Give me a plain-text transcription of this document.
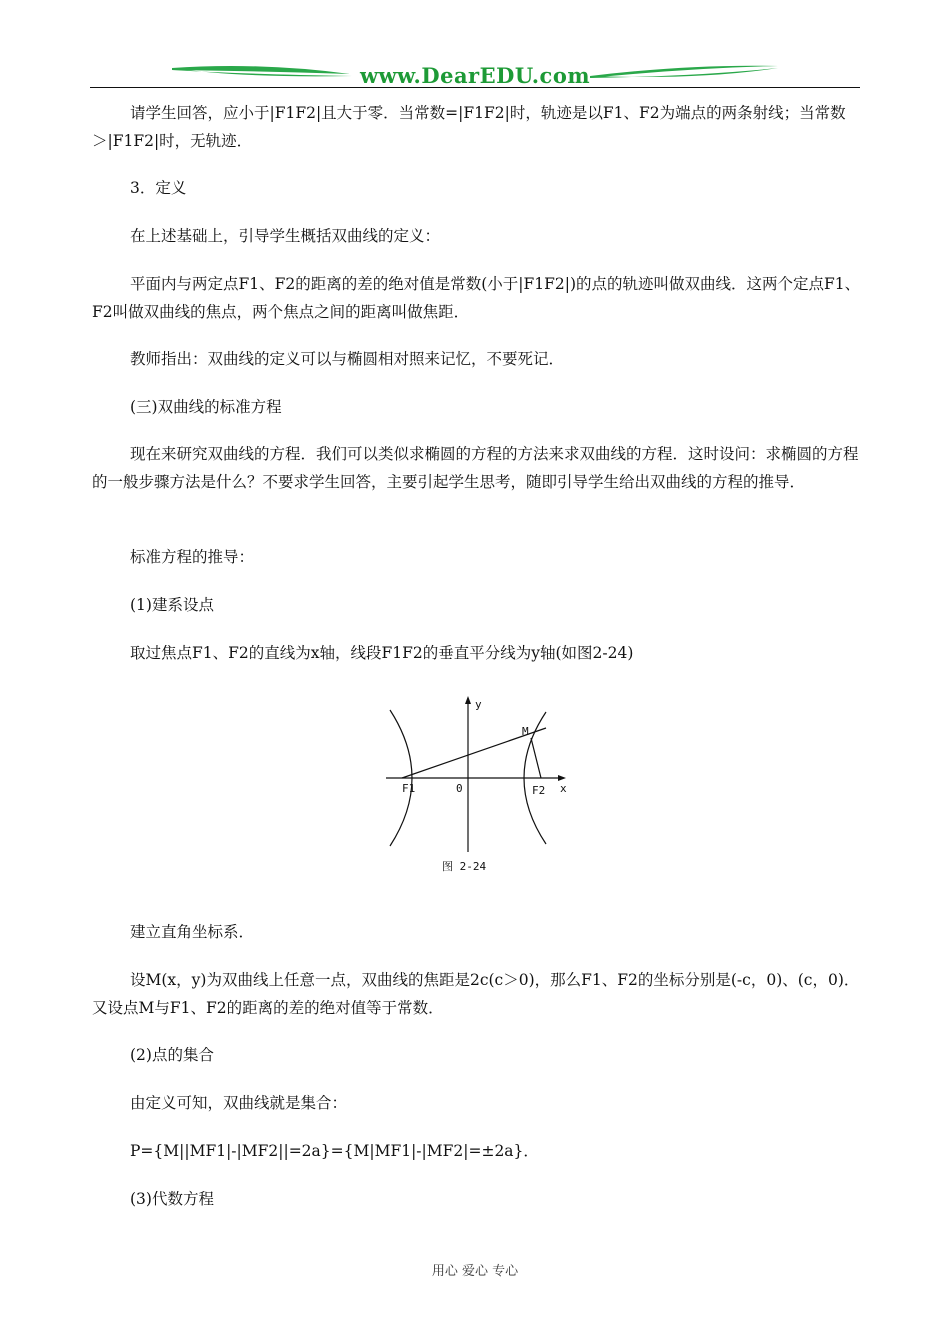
www.DearEDU.com

请学生回答，应小于|F1F2|且大于零．当常数=|F1F2|时，轨迹是以F1、F2为端点的两条射线；当常数＞|F1F2|时，无轨迹．

3．定义

在上述基础上，引导学生概括双曲线的定义：

平面内与两定点F1、F2的距离的差的绝对值是常数(小于|F1F2|)的点的轨迹叫做双曲线．这两个定点F1、F2叫做双曲线的焦点，两个焦点之间的距离叫做焦距．

教师指出：双曲线的定义可以与椭圆相对照来记忆，不要死记．

(三)双曲线的标准方程

现在来研究双曲线的方程．我们可以类似求椭圆的方程的方法来求双曲线的方程．这时设问：求椭圆的方程的一般步骤方法是什么？不要求学生回答，主要引起学生思考，随即引导学生给出双曲线的方程的推导．

标准方程的推导：

(1)建系设点

取过焦点F1、F2的直线为x轴，线段F1F2的垂直平分线为y轴(如图2-24)

y
x
M
F1	0	F2
图 2-24

建立直角坐标系．

设M(x，y)为双曲线上任意一点，双曲线的焦距是2c(c＞0)，那么F1、F2的坐标分别是(-c，0)、(c，0)．又设点M与F1、F2的距离的差的绝对值等于常数．

(2)点的集合

由定义可知，双曲线就是集合：

P={M||MF1|-|MF2||=2a}={M|MF1|-|MF2|=±2a}．

(3)代数方程

用心 爱心 专心
